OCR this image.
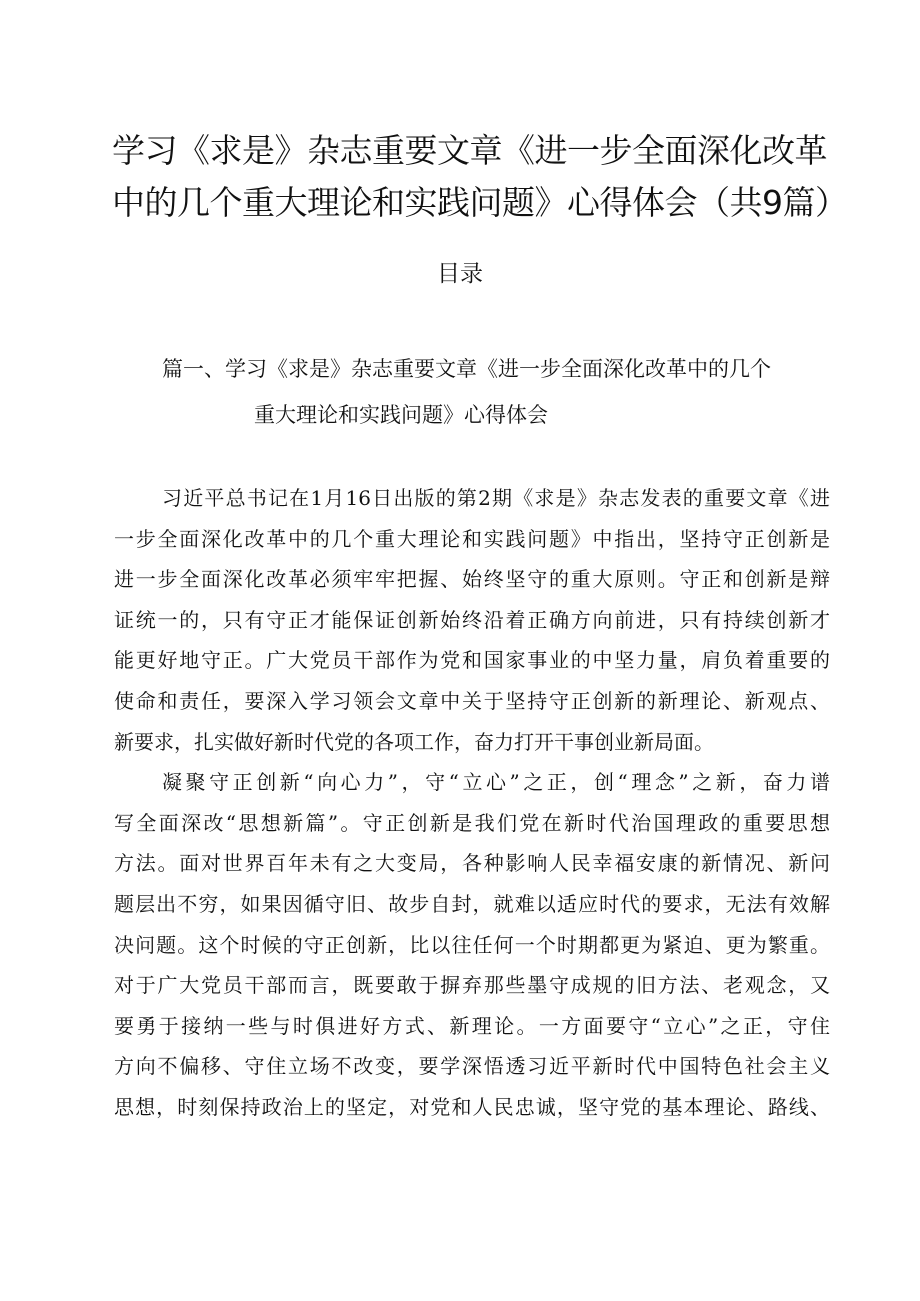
学习《求是》杂志重要文章《进一步全面深化改革
中的几个重大理论和实践问题》心得体会（共9篇）
目录
篇一、学习《求是》杂志重要文章《进一步全面深化改革中的几个
重大理论和实践问题》心得体会
习近平总书记在1月16日出版的第2期《求是》杂志发表的重要文章《进
一步全面深化改革中的几个重大理论和实践问题》中指出，坚持守正创新是
进一步全面深化改革必须牢牢把握、始终坚守的重大原则。守正和创新是辩
证统一的，只有守正才能保证创新始终沿着正确方向前进，只有持续创新才
能更好地守正。广大党员干部作为党和国家事业的中坚力量，肩负着重要的
使命和责任，要深入学习领会文章中关于坚持守正创新的新理论、新观点、
新要求，扎实做好新时代党的各项工作，奋力打开干事创业新局面。
凝聚守正创新“向心力”，守“立心”之正，创“理念”之新，奋力谱
写全面深改“思想新篇”。守正创新是我们党在新时代治国理政的重要思想
方法。面对世界百年未有之大变局，各种影响人民幸福安康的新情况、新问
题层出不穷，如果因循守旧、故步自封，就难以适应时代的要求，无法有效解
决问题。这个时候的守正创新，比以往任何一个时期都更为紧迫、更为繁重。
对于广大党员干部而言，既要敢于摒弃那些墨守成规的旧方法、老观念，又
要勇于接纳一些与时俱进好方式、新理论。一方面要守“立心”之正，守住
方向不偏移、守住立场不改变，要学深悟透习近平新时代中国特色社会主义
思想，时刻保持政治上的坚定，对党和人民忠诚，坚守党的基本理论、路线、
